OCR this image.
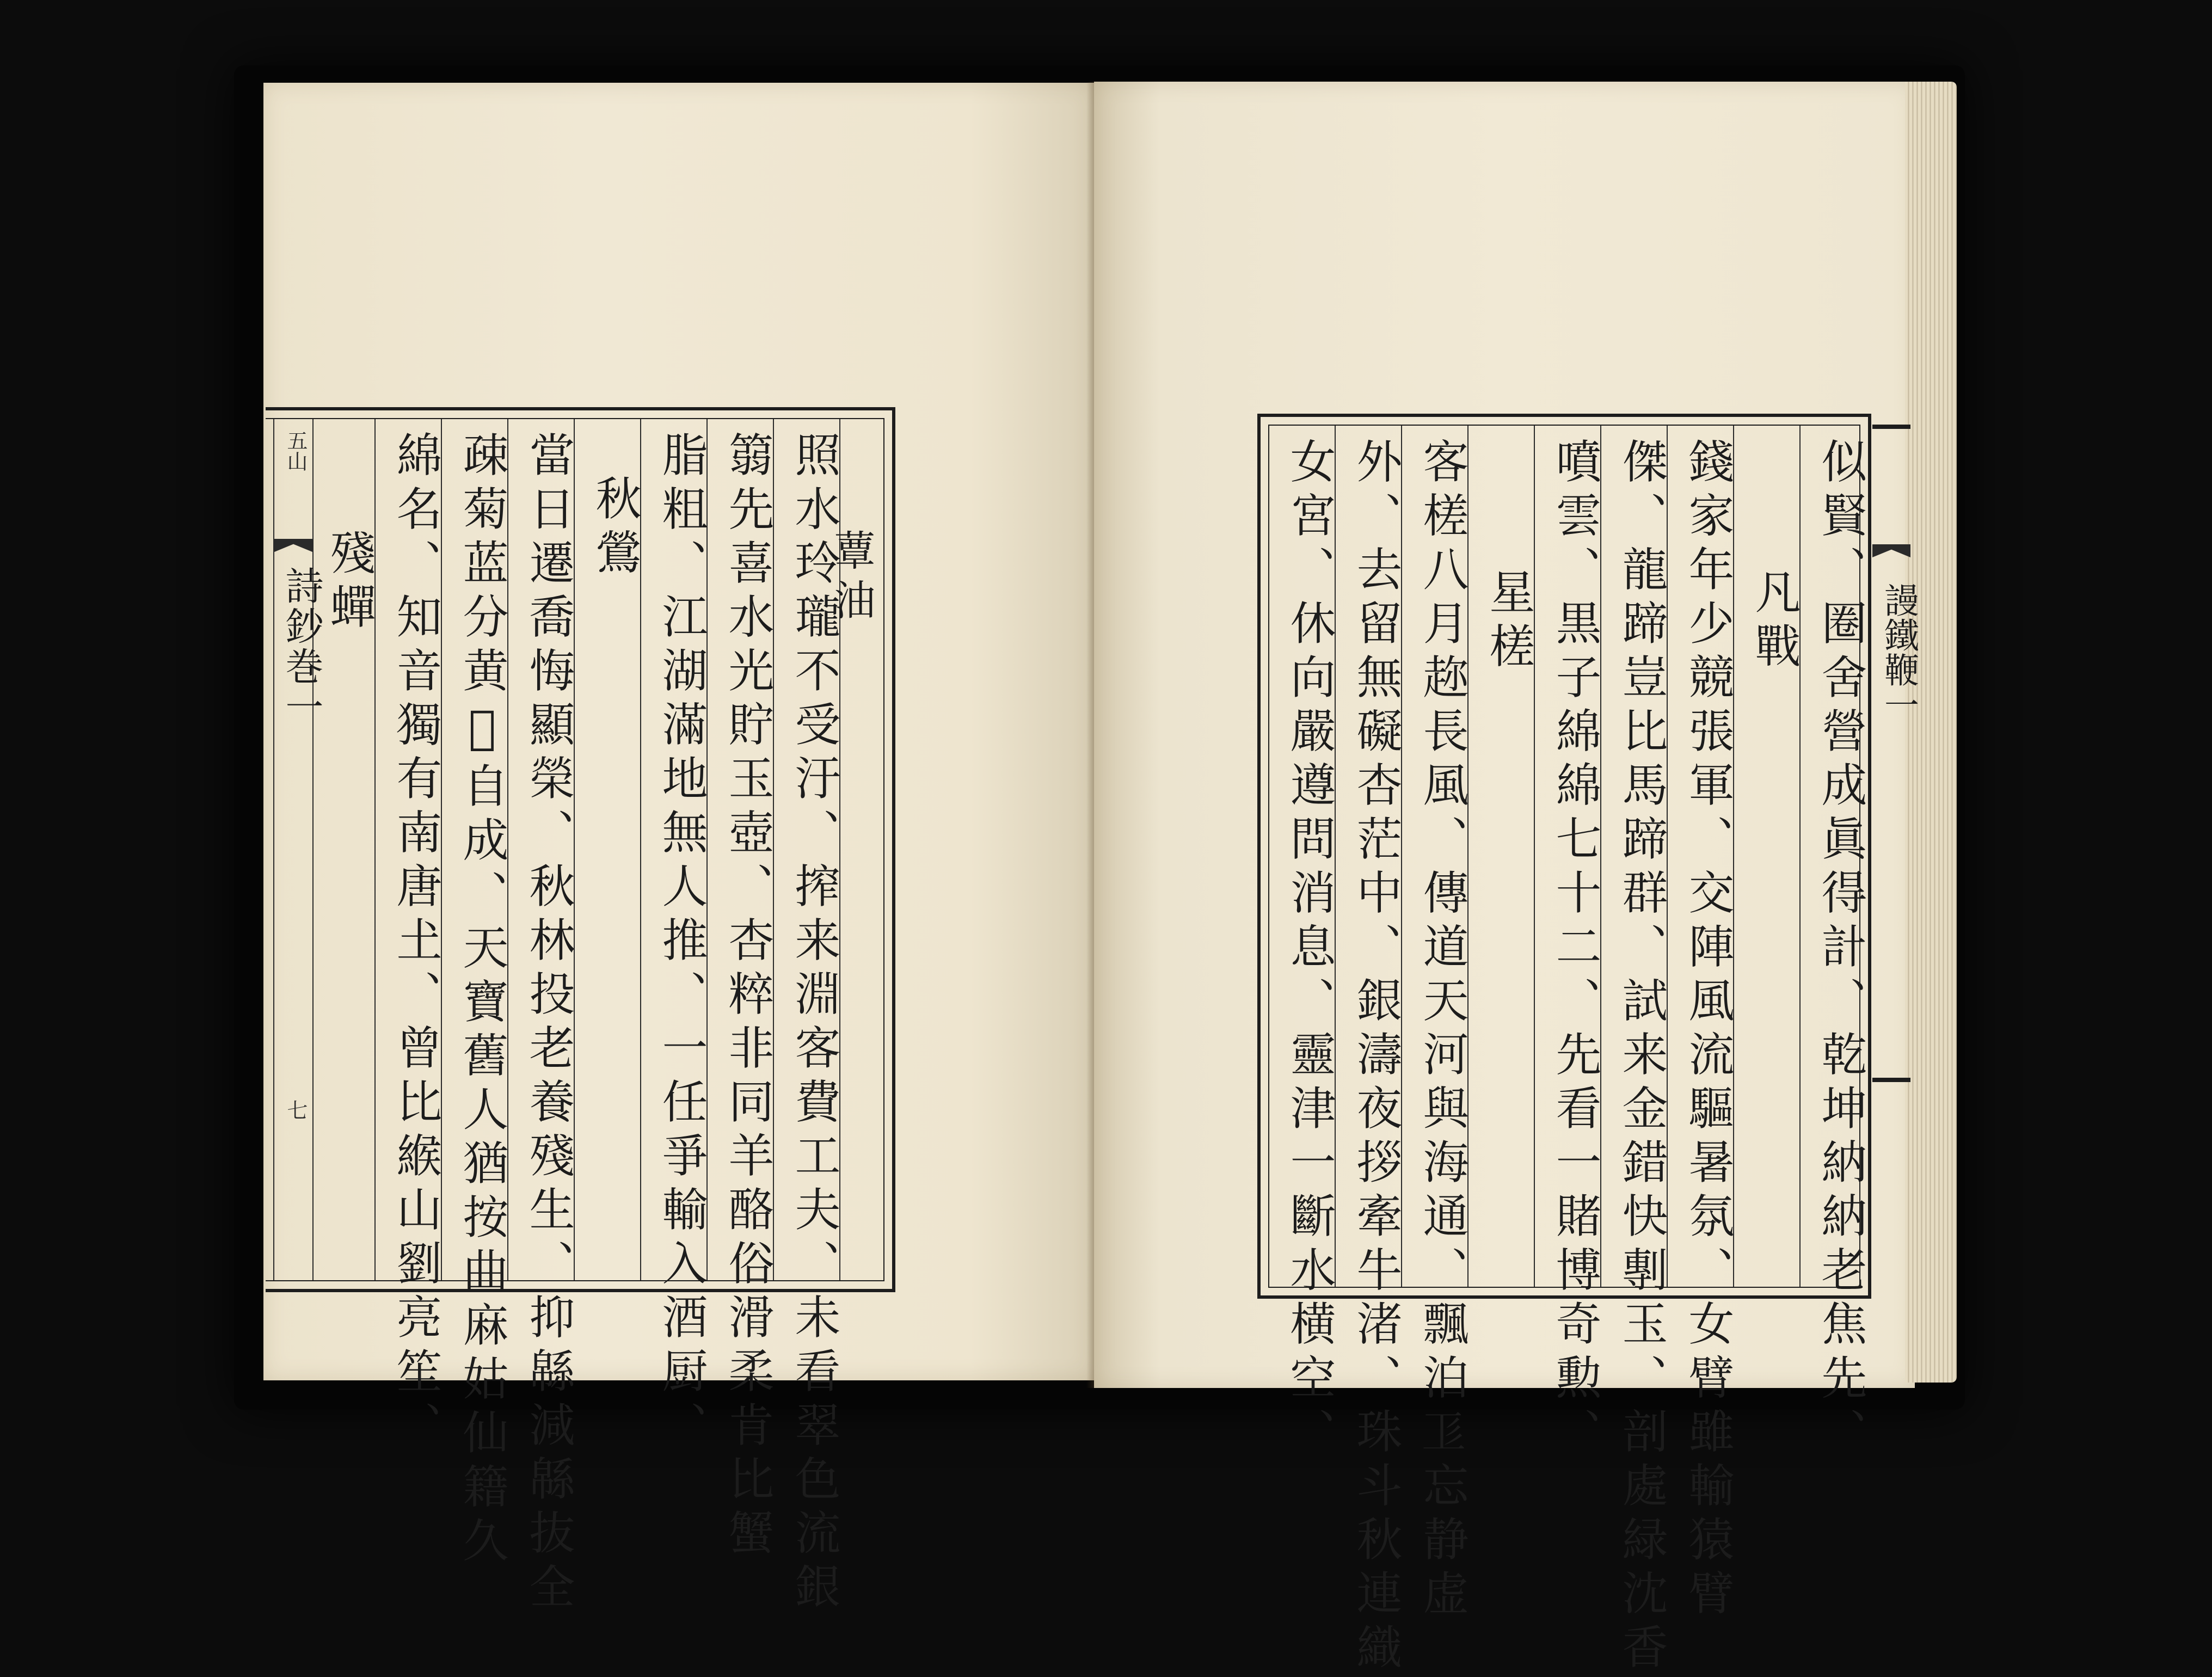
五山
詩鈔巻一
七
殘蟬 綿名、知音獨有南唐𡈽、曾比緱山劉亮笙、 疎菊蓝分黄𦾕自成、天寶舊人猶按曲麻姑仙籍久 當日遷喬悔顯榮、秋林投老養殘生、抑緜減緜抜全 秋鶯 脂粗、江湖滿地無人推、一任爭輸入酒厨、 篛先喜水光貯玉壺、杏粹非同羊酪俗滑柔肯比蟹 照水玲瓏不受汙、搾来淵客費工夫、未看翠色流銀
蕈油	女宮、休向嚴遵問消息、靈津一斷水横空、 外、去留無礙杏茫中、銀濤夜拶牽牛渚、珠斗秋連織 客槎八月趂長風、傳道天河與海通、飄泊𢒄忘静虚 星槎 噴雲、黒子綿綿七十二、先看一賭博奇勲、 傑、龍蹄豈比馬蹄群、試来金錯快剸玉、剖處緑沈香 錢家年少競張軍、交陣風流驅暑氛、女臂雖輸猿臂 凡戰 似賢、圈舍營成眞得計、乾坤納納老焦先、 謾鐵鞭一
